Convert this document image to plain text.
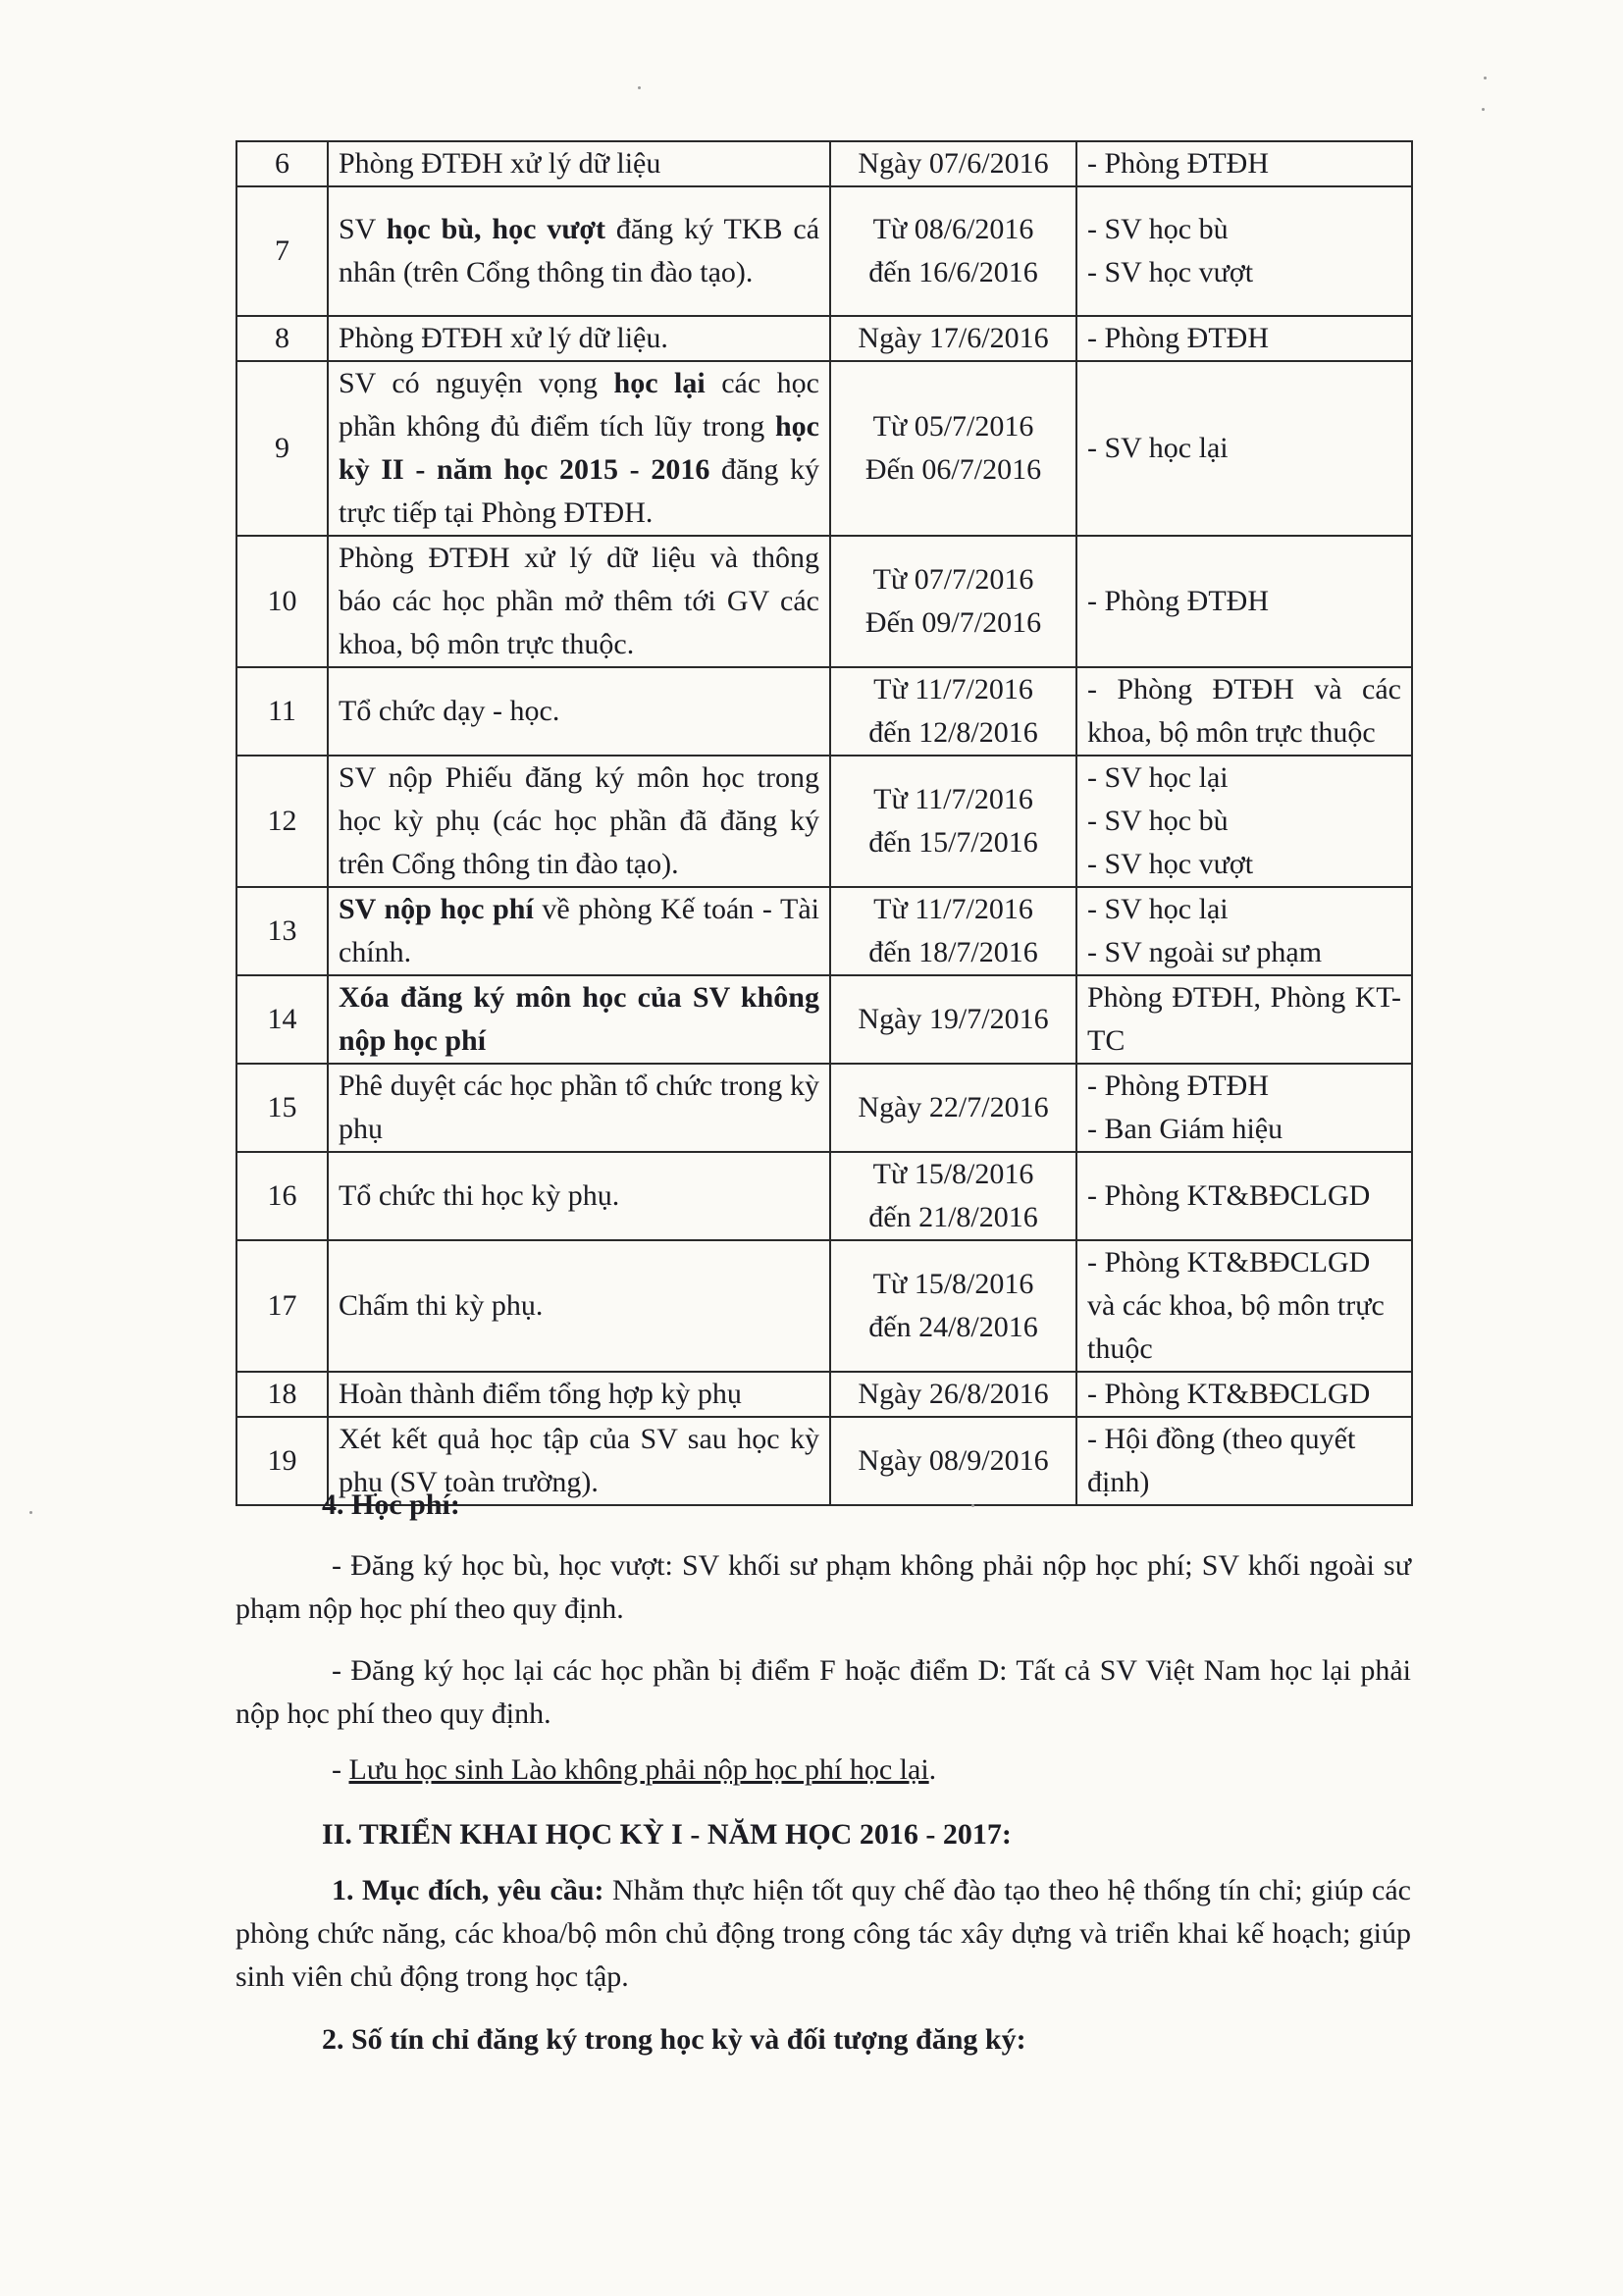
6	Phòng ĐTĐH xử lý dữ liệu	Ngày 07/6/2016	- Phòng ĐTĐH

7	SV học bù, học vượt đăng ký TKB cá nhân (trên Cổng thông tin đào tạo).	Từ 08/6/2016
đến 16/6/2016	- SV học bù
- SV học vượt

8	Phòng ĐTĐH xử lý dữ liệu.	Ngày 17/6/2016	- Phòng ĐTĐH

9	SV có nguyện vọng học lại các học phần không đủ điểm tích lũy trong học kỳ II - năm học 2015 - 2016 đăng ký trực tiếp tại Phòng ĐTĐH.	Từ 05/7/2016
Đến 06/7/2016	- SV học lại

10	Phòng ĐTĐH xử lý dữ liệu và thông báo các học phần mở thêm tới GV các khoa, bộ môn trực thuộc.	Từ 07/7/2016
Đến 09/7/2016	- Phòng ĐTĐH

11	Tổ chức dạy - học.	Từ 11/7/2016
đến 12/8/2016	- Phòng ĐTĐH và các khoa, bộ môn trực thuộc
12	SV nộp Phiếu đăng ký môn học trong học kỳ phụ (các học phần đã đăng ký trên Cổng thông tin đào tạo).	Từ 11/7/2016
đến 15/7/2016	- SV học lại
- SV học bù
- SV học vượt

13	SV nộp học phí về phòng Kế toán - Tài chính.	Từ 11/7/2016
đến 18/7/2016	- SV học lại
- SV ngoài sư phạm

14	Xóa đăng ký môn học của SV không nộp học phí	Ngày 19/7/2016	Phòng ĐTĐH, Phòng KT-TC
15	Phê duyệt các học phần tổ chức trong kỳ phụ	Ngày 22/7/2016	- Phòng ĐTĐH
- Ban Giám hiệu

16	Tổ chức thi học kỳ phụ.	Từ 15/8/2016
đến 21/8/2016	- Phòng KT&BĐCLGD

17	Chấm thi kỳ phụ.	Từ 15/8/2016
đến 24/8/2016	- Phòng KT&BĐCLGD và các khoa, bộ môn trực thuộc
18	Hoàn thành điểm tổng hợp kỳ phụ	Ngày 26/8/2016	- Phòng KT&BĐCLGD

19	Xét kết quả học tập của SV sau học kỳ phụ (SV toàn trường).	Ngày 08/9/2016	- Hội đồng (theo quyết định)
4. Học phí:
- Đăng ký học bù, học vượt: SV khối sư phạm không phải nộp học phí; SV khối ngoài sư phạm nộp học phí theo quy định.
- Đăng ký học lại các học phần bị điểm F hoặc điểm D: Tất cả SV Việt Nam học lại phải nộp học phí theo quy định.
- Lưu học sinh Lào không phải nộp học phí học lại.
II. TRIỂN KHAI HỌC KỲ I - NĂM HỌC 2016 - 2017:
1. Mục đích, yêu cầu: Nhằm thực hiện tốt quy chế đào tạo theo hệ thống tín chỉ; giúp các phòng chức năng, các khoa/bộ môn chủ động trong công tác xây dựng và triển khai kế hoạch; giúp sinh viên chủ động trong học tập.
2. Số tín chỉ đăng ký trong học kỳ và đối tượng đăng ký:
